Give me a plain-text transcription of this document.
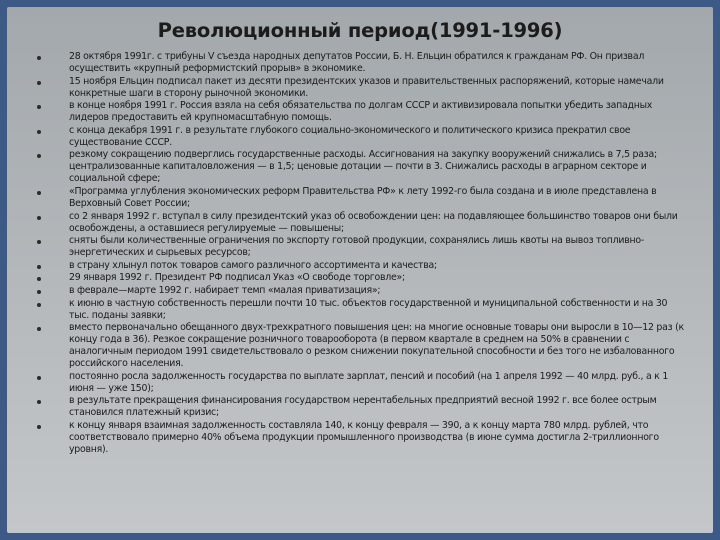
Революционный период(1991-1996)
28 октября 1991г. с трибуны V съезда народных депутатов России, Б. Н. Ельцин обратился к гражданам РФ. Он призвал осуществить «крупный реформистский прорыв» в экономике.
15 ноября Ельцин подписал пакет из десяти президентских указов и правительственных распоряжений, которые намечали конкретные шаги в сторону рыночной экономики.
в конце ноября 1991 г. Россия взяла на себя обязательства по долгам СССР и активизировала попытки убедить западных лидеров предоставить ей крупномасштабную помощь.
с конца декабря 1991 г. в результате глубокого социально-экономического и политического кризиса прекратил свое существование СССР.
резкому сокращению подверглись государственные расходы. Ассигнования на закупку вооружений снижались в 7,5 раза; централизованные капиталовложения — в 1,5; ценовые дотации — почти в 3. Снижались расходы в аграрном секторе и социальной сфере;
«Программа углубления экономических реформ Правительства РФ» к лету 1992-го была создана и в июле представлена в Верховный Совет России;
со 2 января 1992 г. вступал в силу президентский указ об освобождении цен: на подавляющее большинство товаров они были освобождены, а оставшиеся регулируемые — повышены;
сняты были количественные ограничения по экспорту готовой продукции, сохранялись лишь квоты на вывоз топливно-энергетических и сырьевых ресурсов;
в страну хлынул поток товаров самого различного ассортимента и качества;
29 января 1992 г. Президент РФ подписал Указ «О свободе торговле»;
в феврале—марте 1992 г. набирает темп «малая приватизация»;
к июню в частную собственность перешли почти 10 тыс. объектов государственной и муниципальной собственности и на 30 тыс. поданы заявки;
вместо первоначально обещанного двух-трехкратного повышения цен: на многие основные товары они выросли в 10—12 раз (к концу года в 36). Резкое сокращение розничного товарооборота (в первом квартале в среднем на 50% в сравнении с аналогичным периодом 1991 свидетельствовало о резком снижении покупательной способности и без того не избалованного российского населения.
постоянно росла задолженность государства по выплате зарплат, пенсий и пособий (на 1 апреля 1992 — 40 млрд. руб., а к 1 июня — уже 150);
в результате прекращения финансирования государством нерентабельных предприятий весной 1992 г. все более острым становился платежный кризис;
к концу января взаимная задолженность составляла 140, к концу февраля — 390, а к концу марта 780 млрд. рублей, что соответствовало примерно 40% объема продукции промышленного производства (в июне сумма достигла 2-триллионного уровня).
